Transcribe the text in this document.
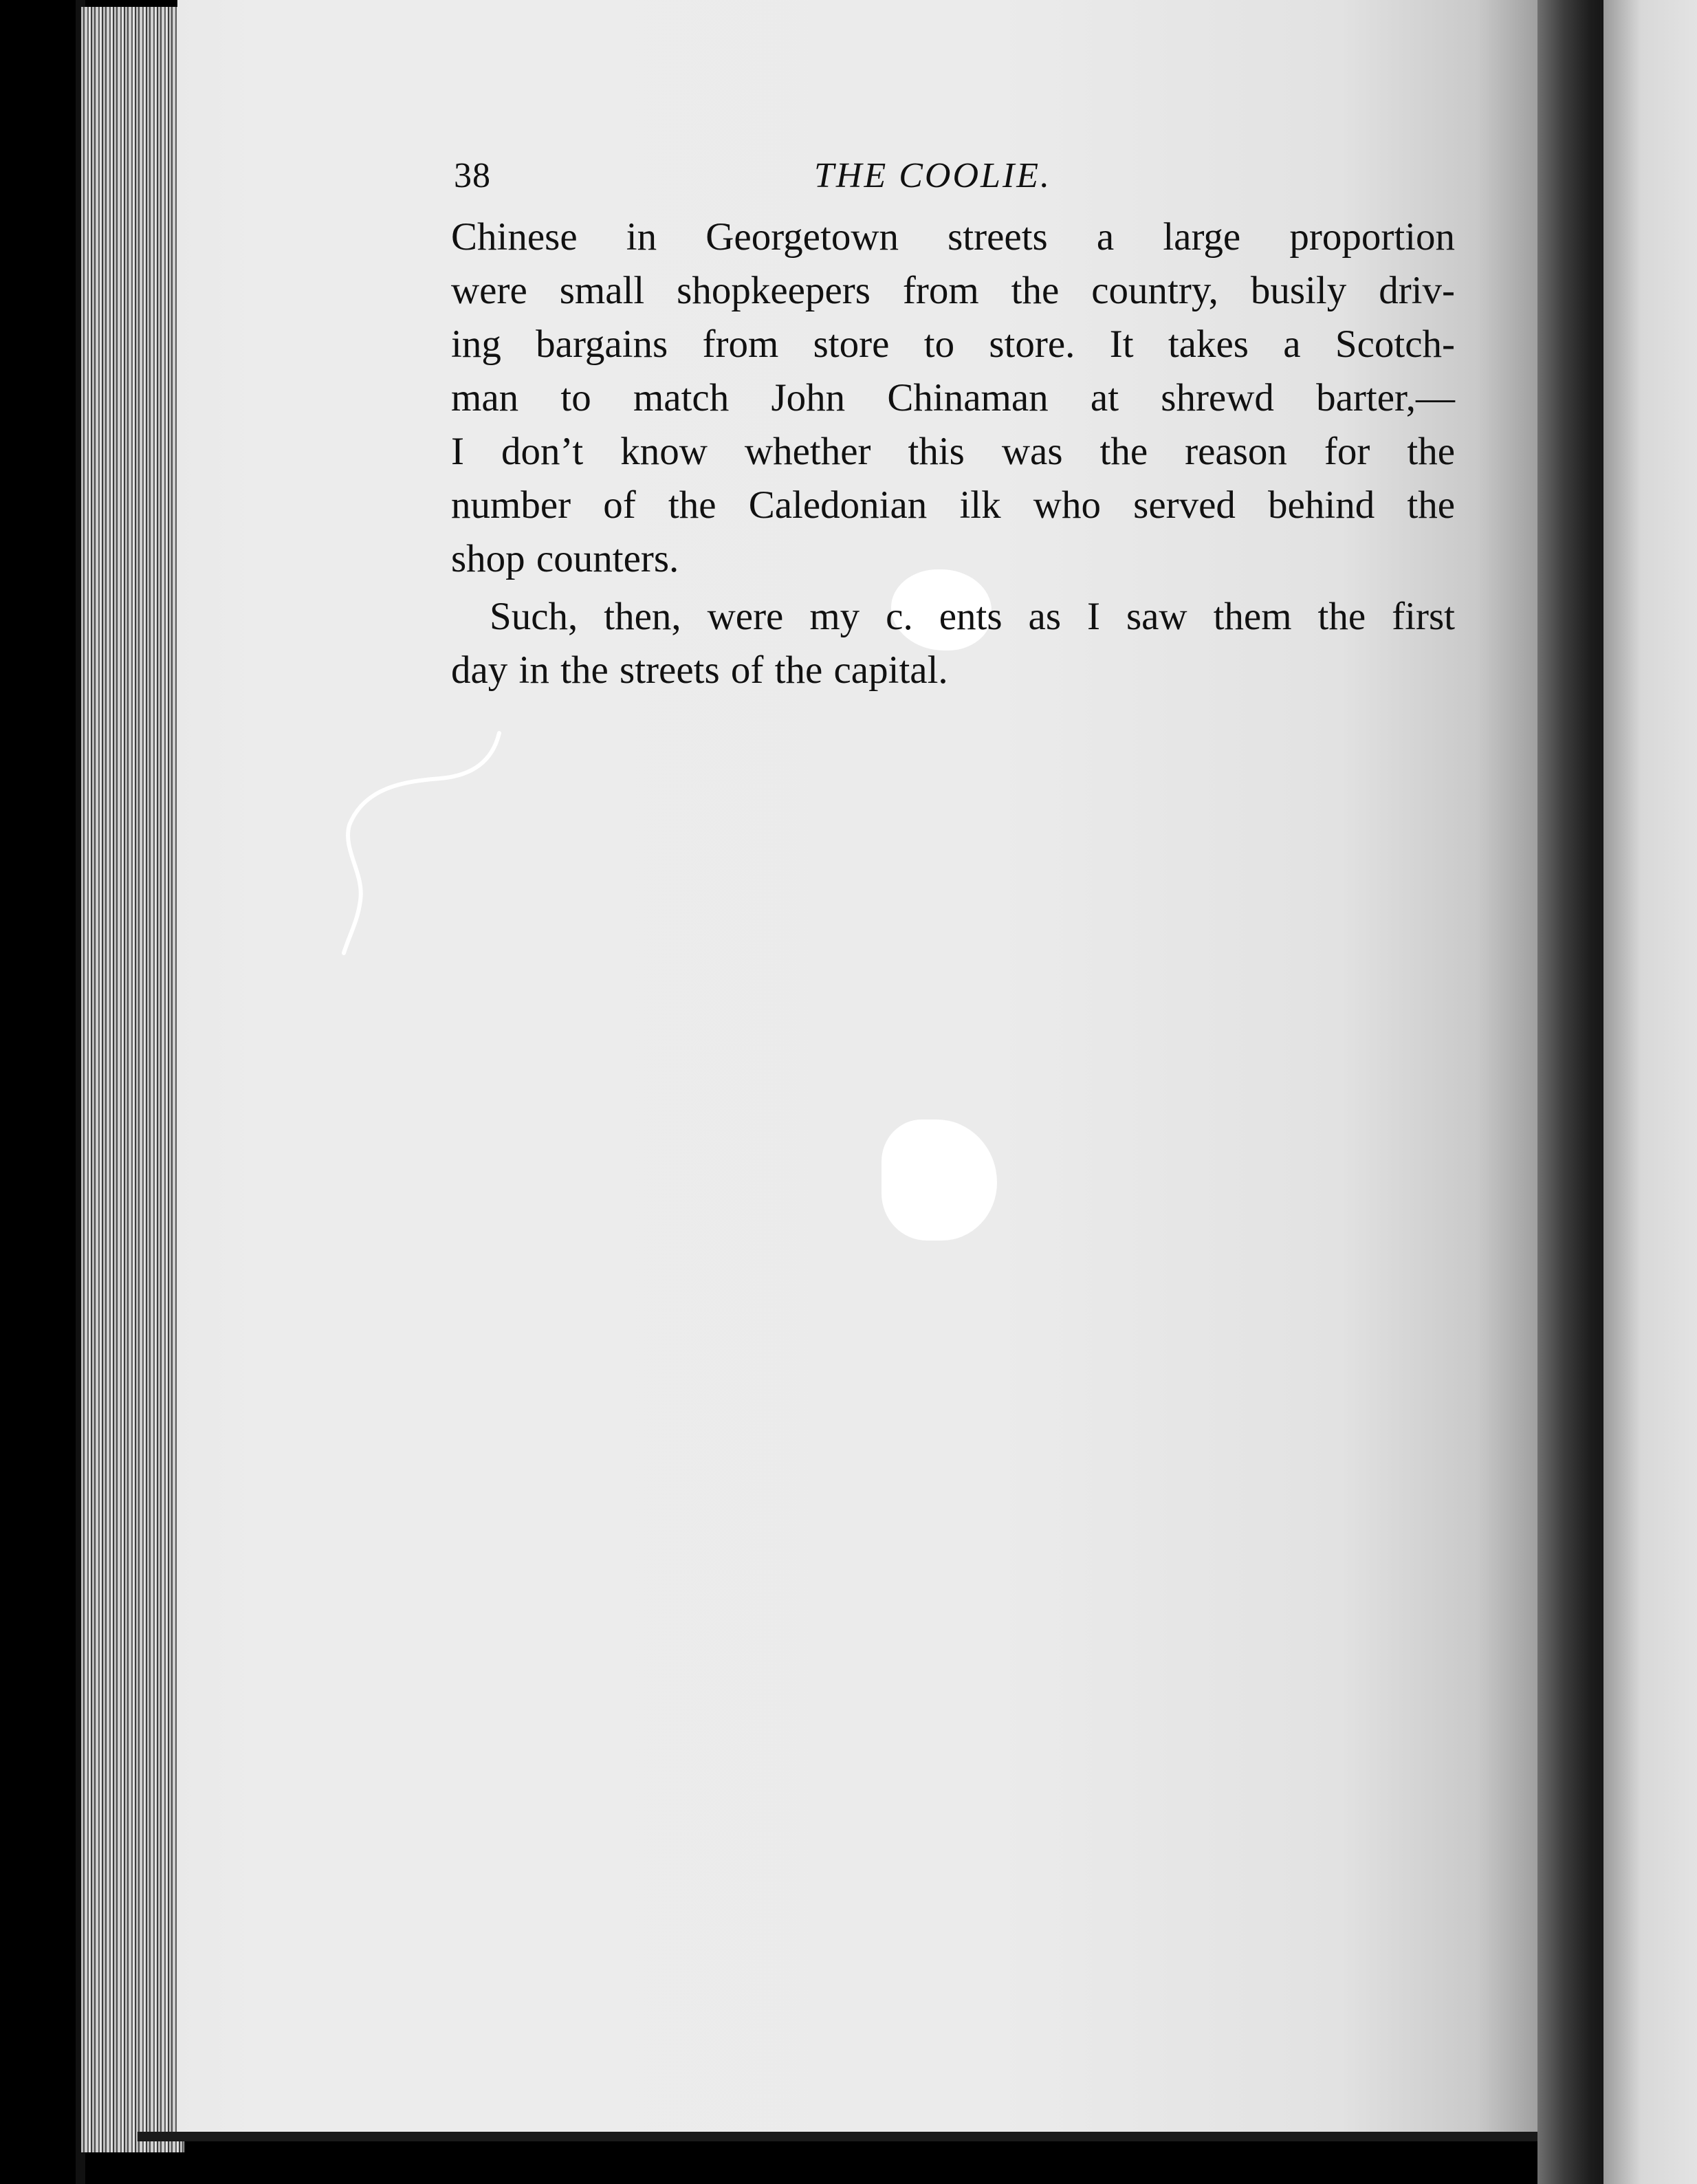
38	THE COOLIE.
Chinese in Georgetown streets a large proportion
were small shopkeepers from the country, busily driv-
ing bargains from store to store. It takes a Scotch-
man to match John Chinaman at shrewd barter,—
I don’t know whether this was the reason for the
number of the Caledonian ilk who served behind the
shop counters.
Such, then, were my c. ents as I saw them the first
day in the streets of the capital.
